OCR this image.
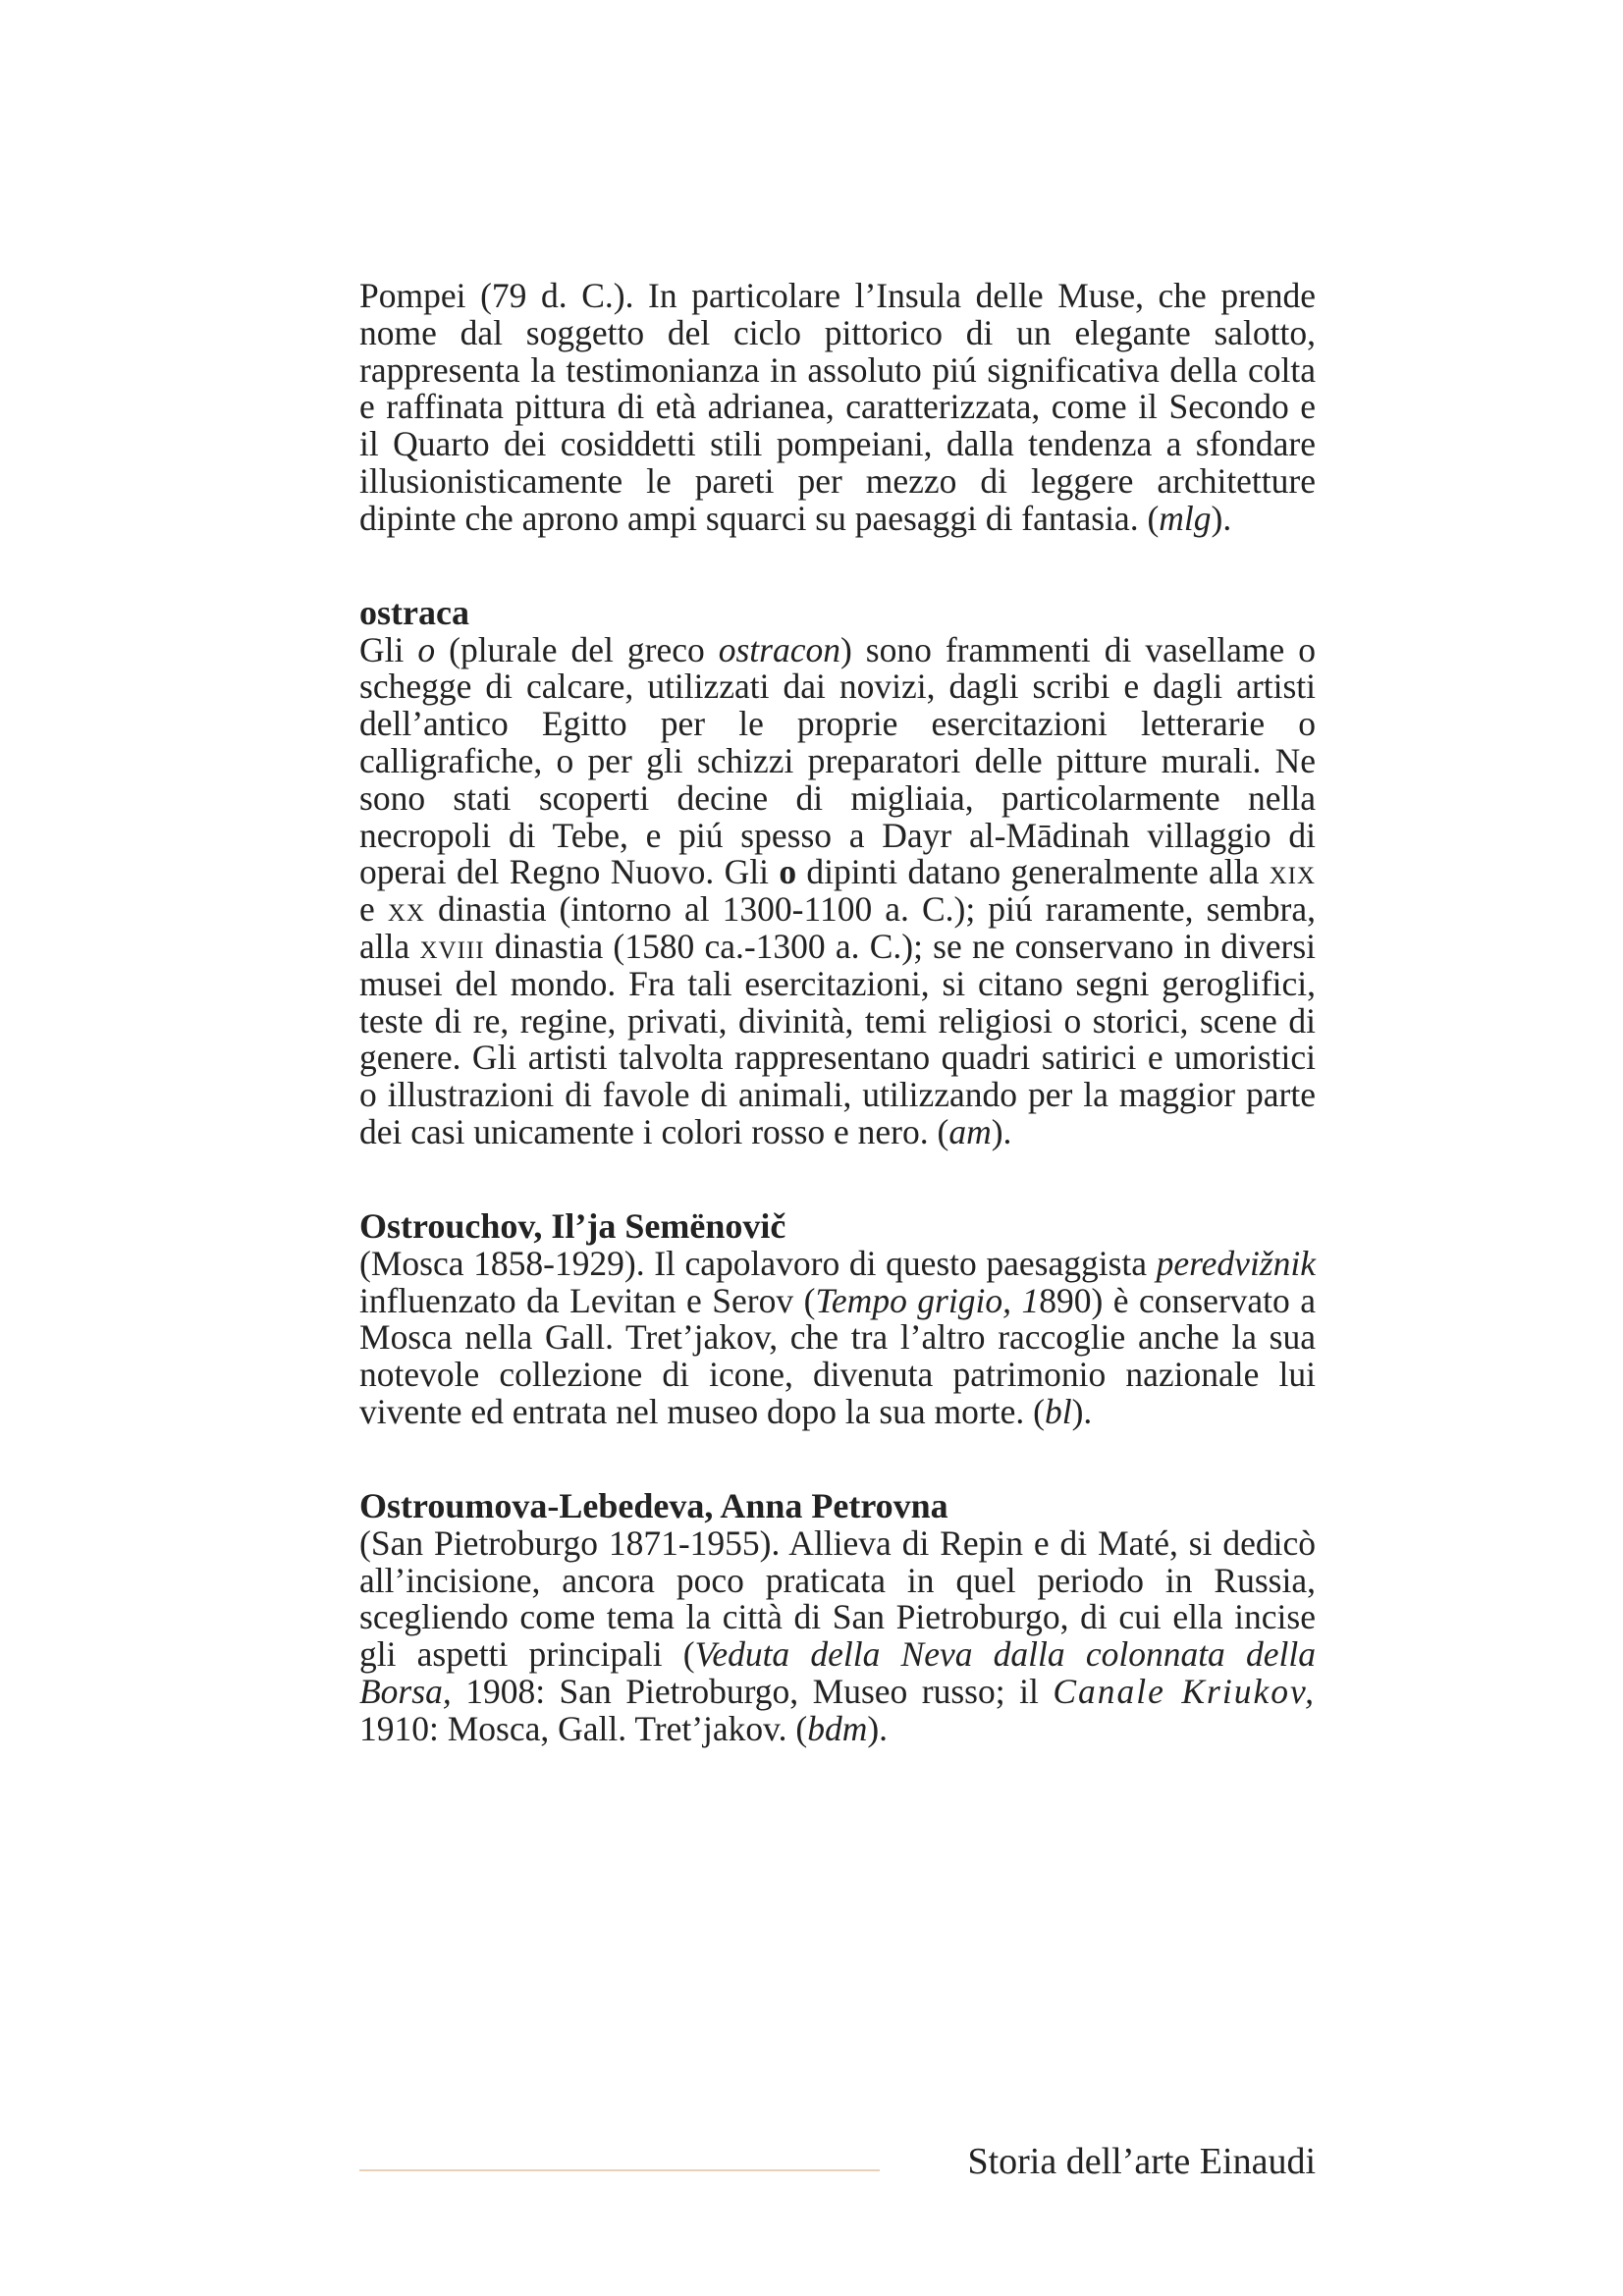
Pompei (79 d. C.). In particolare l’Insula delle Muse, che prende nome dal soggetto del ciclo pittorico di un elegante salotto, rappresenta la testimonianza in assoluto piú significativa della colta e raffinata pittura di età adrianea, caratterizzata, come il Secondo e il Quarto dei cosiddetti stili pompeiani, dalla tendenza a sfondare illusionisticamente le pareti per mezzo di leggere architetture dipinte che aprono ampi squarci su paesaggi di fantasia. (mlg).

ostraca

Gli o (plurale del greco ostracon) sono frammenti di vasellame o schegge di calcare, utilizzati dai novizi, dagli scribi e dagli artisti dell’antico Egitto per le proprie esercitazioni letterarie o calligrafiche, o per gli schizzi preparatori delle pitture murali. Ne sono stati scoperti decine di migliaia, particolarmente nella necropoli di Tebe, e piú spesso a Dayr al-Mādinah villaggio di operai del Regno Nuovo. Gli o dipinti datano generalmente alla xix e xx dinastia (intorno al 1300-1100 a. C.); piú raramente, sembra, alla xviii dinastia (1580 ca.-1300 a. C.); se ne conservano in diversi musei del mondo. Fra tali esercitazioni, si citano segni geroglifici, teste di re, regine, privati, divinità, temi religiosi o storici, scene di genere. Gli artisti talvolta rappresentano quadri satirici e umoristici o illustrazioni di favole di animali, utilizzando per la maggior parte dei casi unicamente i colori rosso e nero. (am).

Ostrouchov, Il’ja Semënovič

(Mosca 1858-1929). Il capolavoro di questo paesaggista peredvižnik influenzato da Levitan e Serov (Tempo grigio, 1890) è conservato a Mosca nella Gall. Tret’jakov, che tra l’altro raccoglie anche la sua notevole collezione di icone, divenuta patrimonio nazionale lui vivente ed entrata nel museo dopo la sua morte. (bl).

Ostroumova-Lebedeva, Anna Petrovna

(San Pietroburgo 1871-1955). Allieva di Repin e di Maté, si dedicò all’incisione, ancora poco praticata in quel periodo in Russia, scegliendo come tema la città di San Pietroburgo, di cui ella incise gli aspetti principali (Veduta della Neva dalla colonnata della Borsa, 1908: San Pietroburgo, Museo russo; il Canale Kriukov, 1910: Mosca, Gall. Tret’jakov. (bdm).

Storia dell’arte Einaudi
